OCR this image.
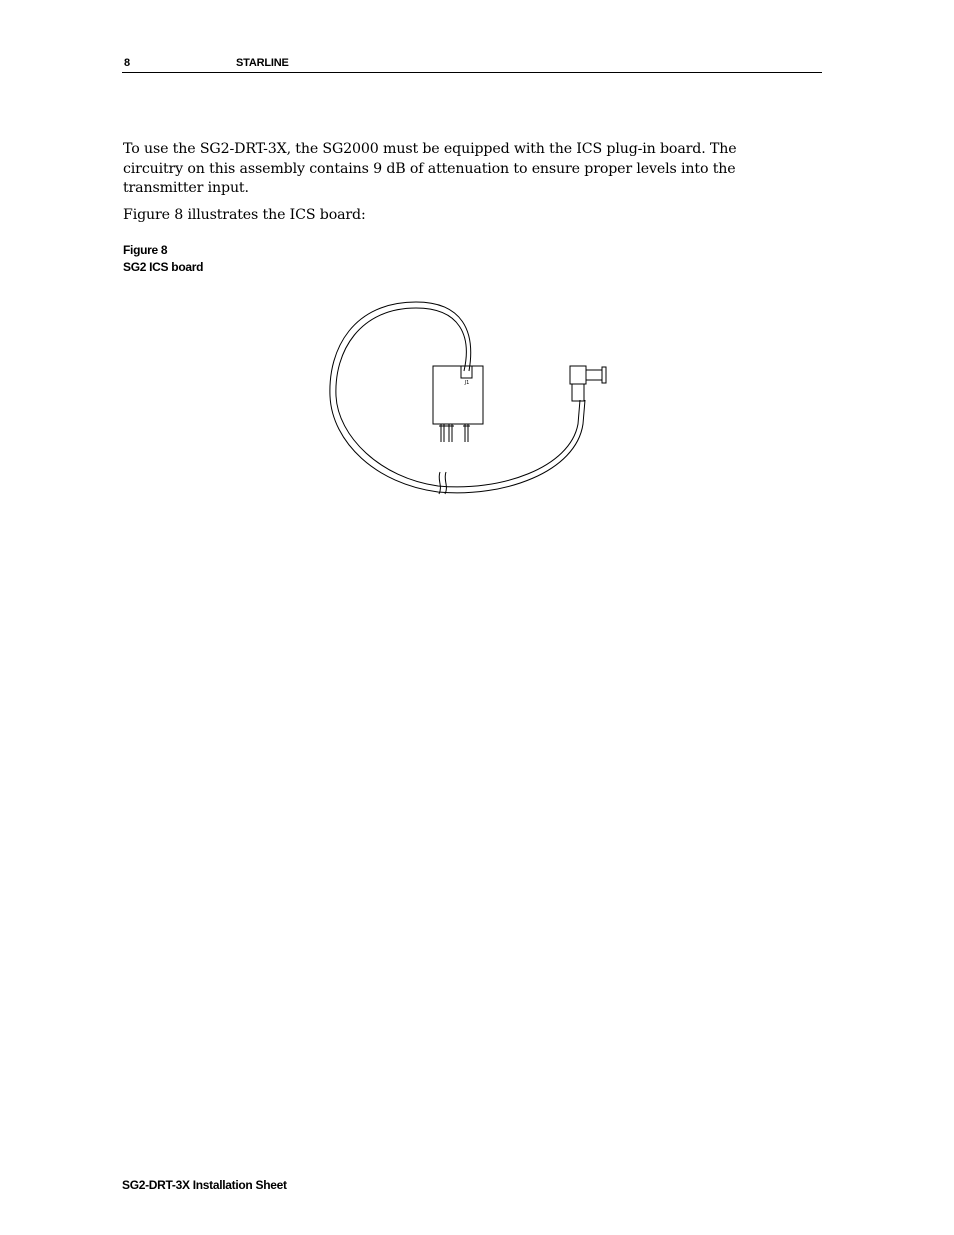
8	STARLINE
To use the SG2-DRT-3X, the SG2000 must be equipped with the ICS plug-in board. The circuitry on this assembly contains 9 dB of attenuation to ensure proper levels into the transmitter input.
Figure 8 illustrates the ICS board:
Figure 8
SG2 ICS board
J1
SG2-DRT-3X Installation Sheet
